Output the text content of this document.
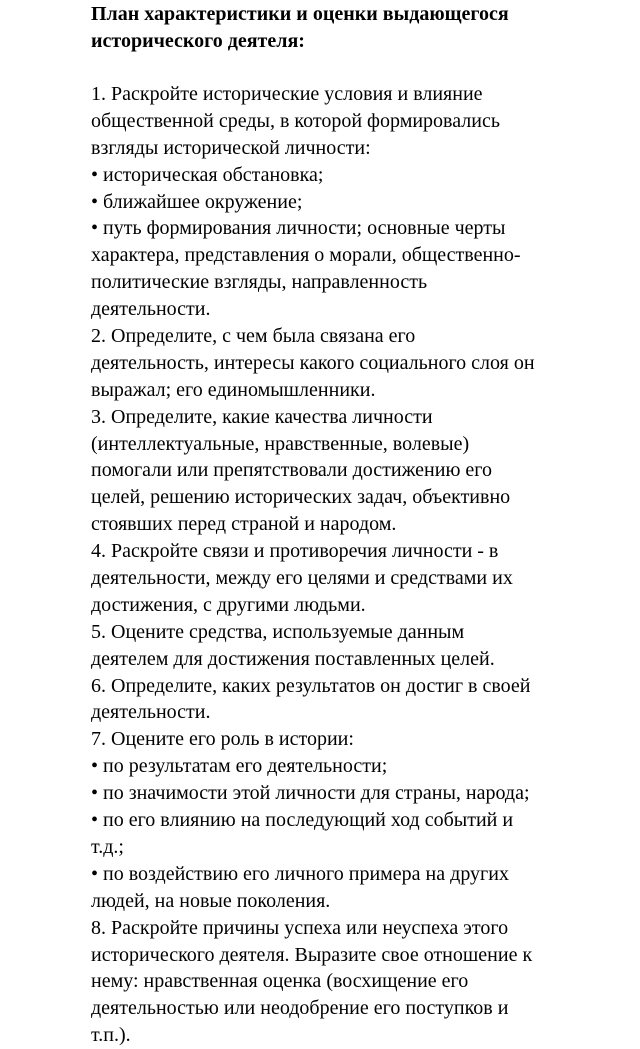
План характеристики и оценки выдающегося
исторического деятеля:
1. Раскройте исторические условия и влияние
общественной среды, в которой формировались
взгляды исторической личности:
• историческая обстановка;
• ближайшее окружение;
• путь формирования личности; основные черты
характера, представления о морали, общественно-
политические взгляды, направленность
деятельности.
2. Определите, с чем была связана его
деятельность, интересы какого социального слоя он
выражал; его единомышленники.
3. Определите, какие качества личности
(интеллектуальные, нравственные, волевые)
помогали или препятствовали достижению его
целей, решению исторических задач, объективно
стоявших перед страной и народом.
4. Раскройте связи и противоречия личности - в
деятельности, между его целями и средствами их
достижения, с другими людьми.
5. Оцените средства, используемые данным
деятелем для достижения поставленных целей.
6. Определите, каких результатов он достиг в своей
деятельности.
7. Оцените его роль в истории:
• по результатам его деятельности;
• по значимости этой личности для страны, народа;
• по его влиянию на последующий ход событий и
т.д.;
• по воздействию его личного примера на других
людей, на новые поколения.
8. Раскройте причины успеха или неуспеха этого
исторического деятеля. Выразите свое отношение к
нему: нравственная оценка (восхищение его
деятельностью или неодобрение его поступков и
т.п.).
